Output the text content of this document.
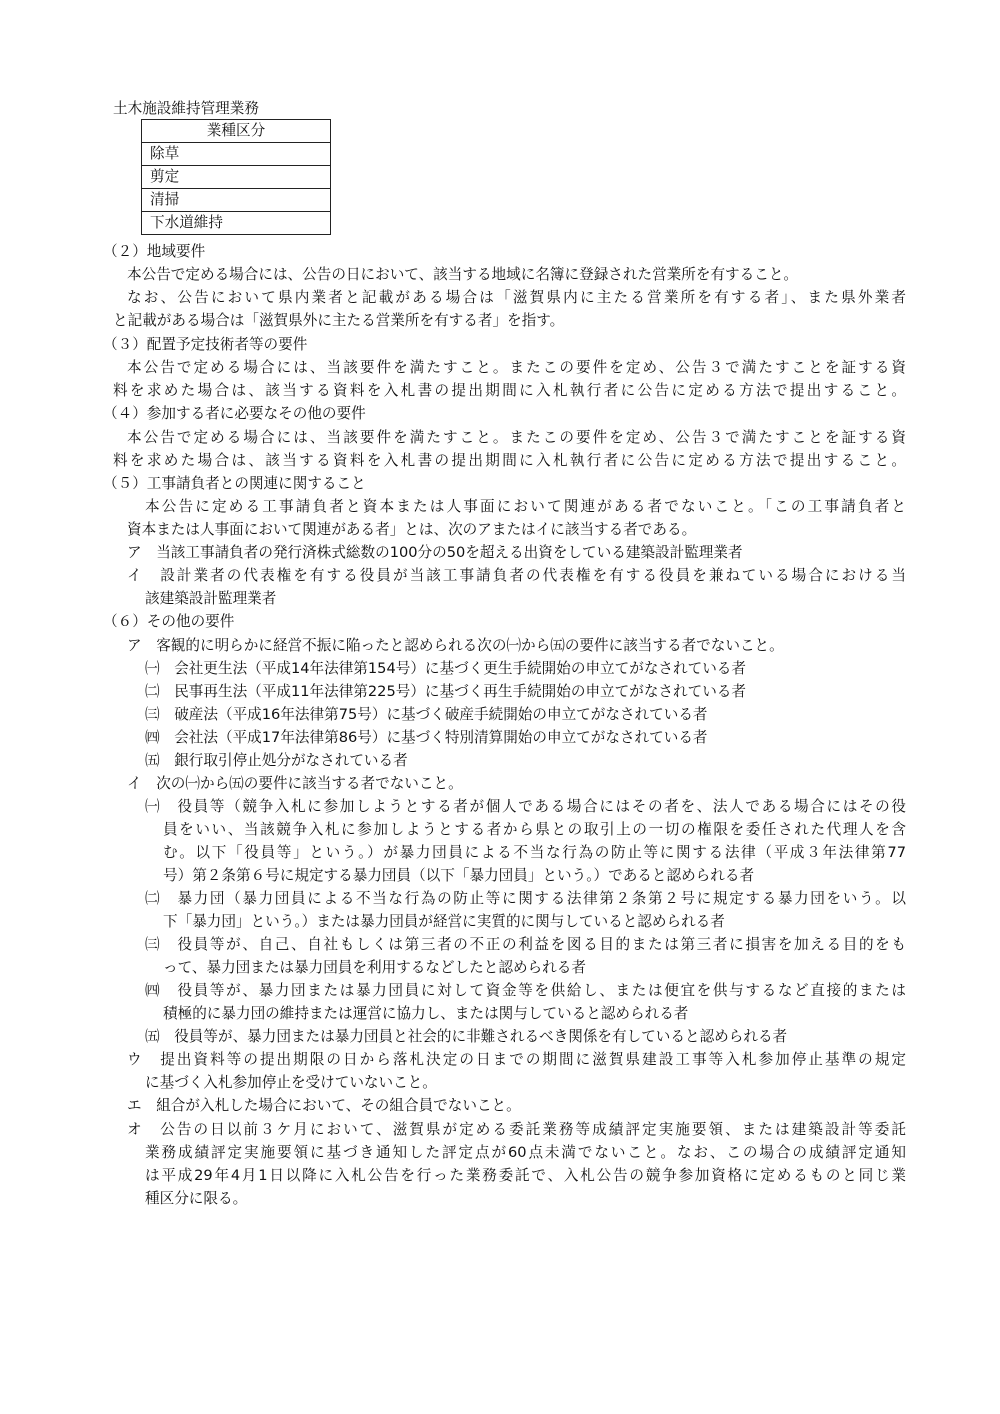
土木施設維持管理業務
業種区分
除草
剪定
清掃
下水道維持
（２）地域要件
本公告で定める場合には、公告の日において、該当する地域に名簿に登録された営業所を有すること。
なお、公告において県内業者と記載がある場合は「滋賀県内に主たる営業所を有する者」、また県外業者
と記載がある場合は「滋賀県外に主たる営業所を有する者」を指す。
（３）配置予定技術者等の要件
本公告で定める場合には、当該要件を満たすこと。またこの要件を定め、公告３で満たすことを証する資
料を求めた場合は、該当する資料を入札書の提出期間に入札執行者に公告に定める方法で提出すること。
（４）参加する者に必要なその他の要件
本公告で定める場合には、当該要件を満たすこと。またこの要件を定め、公告３で満たすことを証する資
料を求めた場合は、該当する資料を入札書の提出期間に入札執行者に公告に定める方法で提出すること。
（５）工事請負者との関連に関すること
本公告に定める工事請負者と資本または人事面において関連がある者でないこと。「この工事請負者と
資本または人事面において関連がある者」とは、次のアまたはイに該当する者である。
ア　当該工事請負者の発行済株式総数の100分の50を超える出資をしている建築設計監理業者
イ　設計業者の代表権を有する役員が当該工事請負者の代表権を有する役員を兼ねている場合における当
該建築設計監理業者
（６）その他の要件
ア　客観的に明らかに経営不振に陥ったと認められる次の㈠から㈤の要件に該当する者でないこと。
㈠　会社更生法（平成14年法律第154号）に基づく更生手続開始の申立てがなされている者
㈡　民事再生法（平成11年法律第225号）に基づく再生手続開始の申立てがなされている者
㈢　破産法（平成16年法律第75号）に基づく破産手続開始の申立てがなされている者
㈣　会社法（平成17年法律第86号）に基づく特別清算開始の申立てがなされている者
㈤　銀行取引停止処分がなされている者
イ　次の㈠から㈤の要件に該当する者でないこと。
㈠　役員等（競争入札に参加しようとする者が個人である場合にはその者を、法人である場合にはその役
員をいい、当該競争入札に参加しようとする者から県との取引上の一切の権限を委任された代理人を含
む。以下「役員等」という。）が暴力団員による不当な行為の防止等に関する法律（平成３年法律第77
号）第２条第６号に規定する暴力団員（以下「暴力団員」という。）であると認められる者
㈡　暴力団（暴力団員による不当な行為の防止等に関する法律第２条第２号に規定する暴力団をいう。以
下「暴力団」という。）または暴力団員が経営に実質的に関与していると認められる者
㈢　役員等が、自己、自社もしくは第三者の不正の利益を図る目的または第三者に損害を加える目的をも
って、暴力団または暴力団員を利用するなどしたと認められる者
㈣　役員等が、暴力団または暴力団員に対して資金等を供給し、または便宜を供与するなど直接的または
積極的に暴力団の維持または運営に協力し、または関与していると認められる者
㈤　役員等が、暴力団または暴力団員と社会的に非難されるべき関係を有していると認められる者
ウ　提出資料等の提出期限の日から落札決定の日までの期間に滋賀県建設工事等入札参加停止基準の規定
に基づく入札参加停止を受けていないこと。
エ　組合が入札した場合において、その組合員でないこと。
オ　公告の日以前３ケ月において、滋賀県が定める委託業務等成績評定実施要領、または建築設計等委託
業務成績評定実施要領に基づき通知した評定点が60点未満でないこと。なお、この場合の成績評定通知
は平成29年4月1日以降に入札公告を行った業務委託で、入札公告の競争参加資格に定めるものと同じ業
種区分に限る。
